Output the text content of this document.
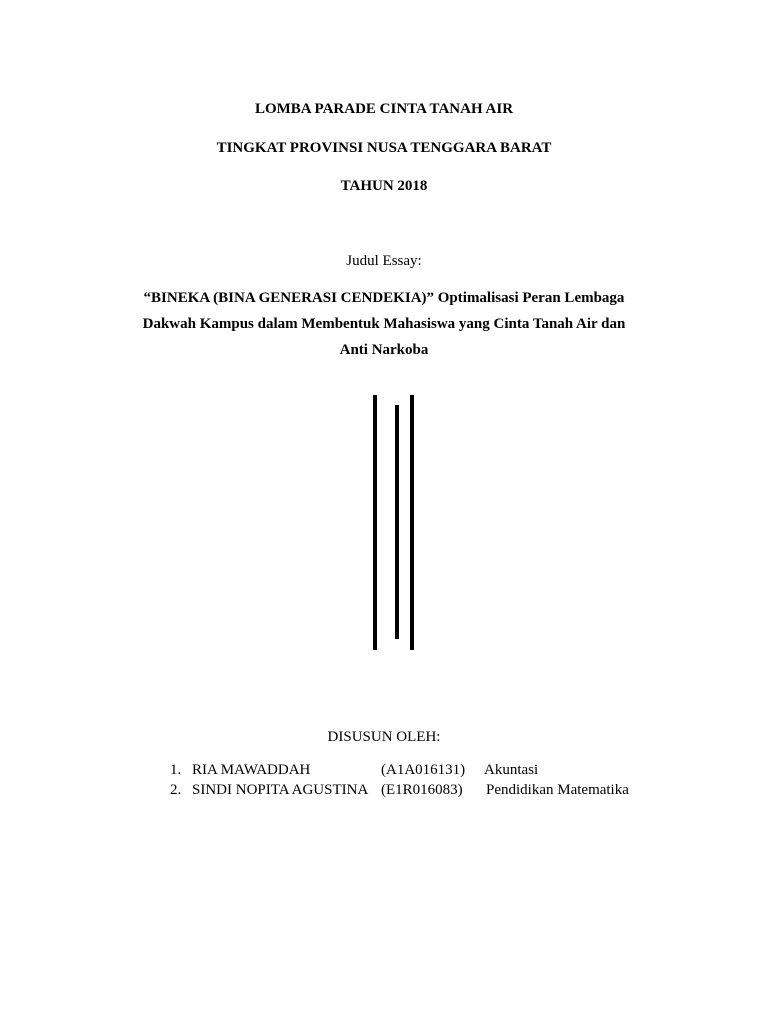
LOMBA PARADE CINTA TANAH AIR
TINGKAT PROVINSI NUSA TENGGARA BARAT
TAHUN 2018
Judul Essay:
“BINEKA (BINA GENERASI CENDEKIA)” Optimalisasi Peran Lembaga
Dakwah Kampus dalam Membentuk Mahasiswa yang Cinta Tanah Air dan
Anti Narkoba
DISUSUN OLEH:
1. RIA MAWADDAH	(A1A016131) Akuntasi
2. SINDI NOPITA AGUSTINA (E1R016083) Pendidikan Matematika
